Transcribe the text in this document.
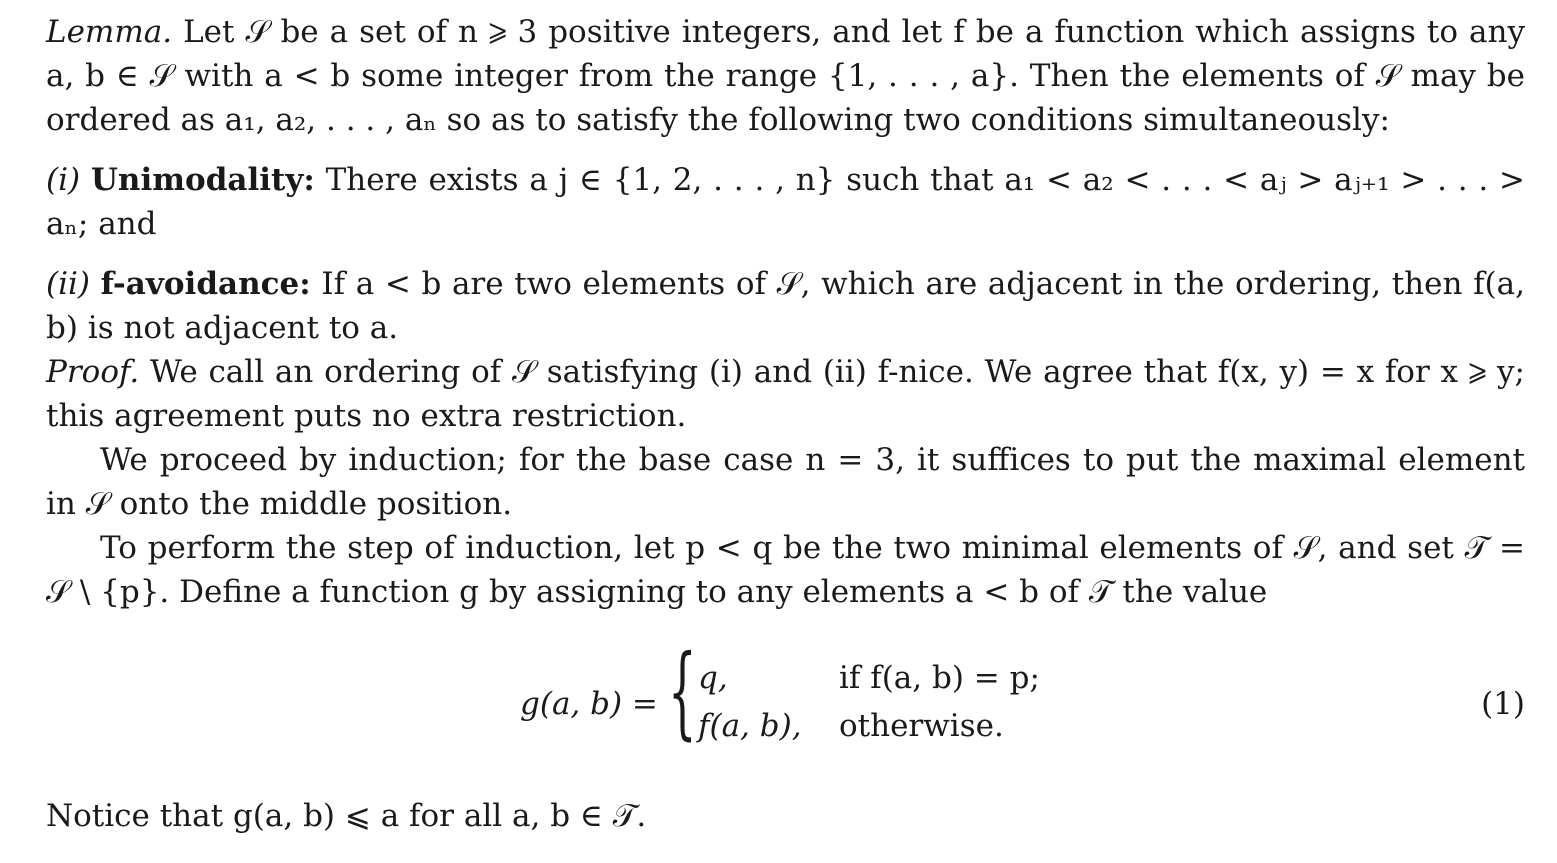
Lemma. Let 𝒮 be a set of n ⩾ 3 positive integers, and let f be a function which assigns to any a, b ∈ 𝒮 with a < b some integer from the range {1, . . . , a}. Then the elements of 𝒮 may be ordered as a₁, a₂, . . . , aₙ so as to satisfy the following two conditions simultaneously:

(i) Unimodality: There exists a j ∈ {1, 2, . . . , n} such that a₁ < a₂ < . . . < aⱼ > aⱼ₊₁ > . . . > aₙ; and

(ii) f-avoidance: If a < b are two elements of 𝒮, which are adjacent in the ordering, then f(a, b) is not adjacent to a.

Proof. We call an ordering of 𝒮 satisfying (i) and (ii) f-nice. We agree that f(x, y) = x for x ⩾ y; this agreement puts no extra restriction.

We proceed by induction; for the base case n = 3, it suffices to put the maximal element in 𝒮 onto the middle position.

To perform the step of induction, let p < q be the two minimal elements of 𝒮, and set 𝒯 = 𝒮 \ {p}. Define a function g by assigning to any elements a < b of 𝒯 the value

g(a, b) = { q,	if f(a, b) = p;
f(a, b), otherwise.
(1)

Notice that g(a, b) ⩽ a for all a, b ∈ 𝒯.
